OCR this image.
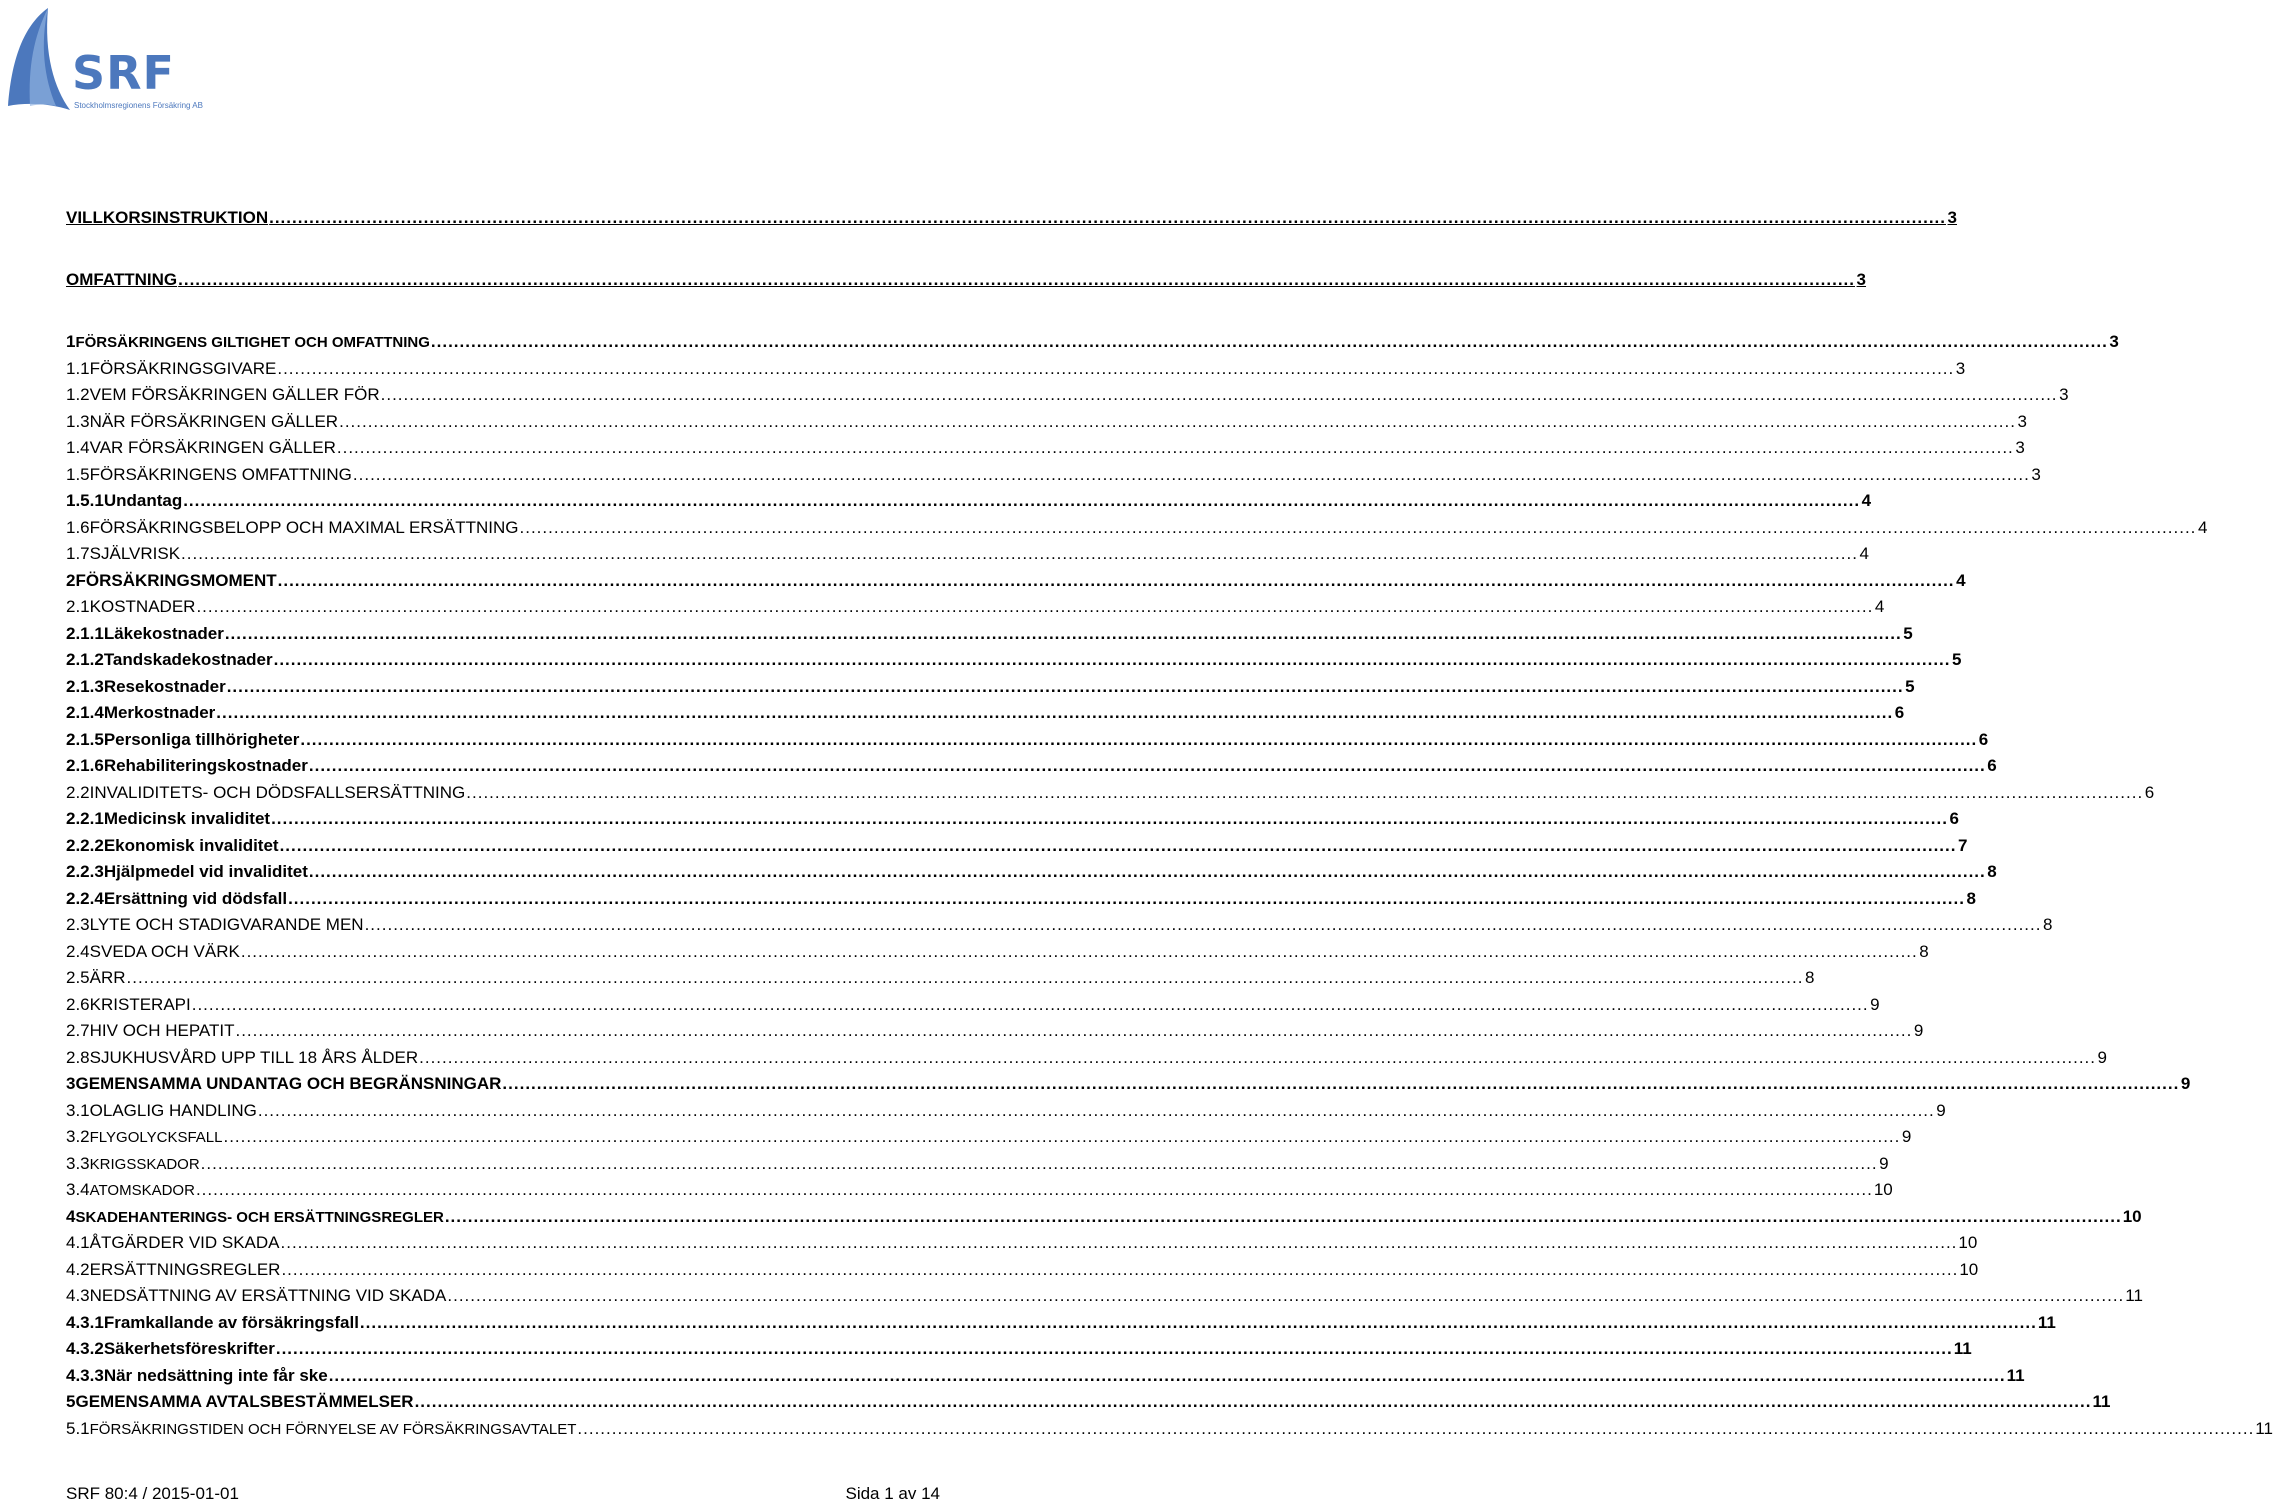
SRF
Stockholmsregionens Försäkring AB
VILLKORSINSTRUKTION .....	3
OMFATTNING .....	3
1 FÖRSÄKRINGENS GILTIGHET OCH OMFATTNING .....	3
1.1 FÖRSÄKRINGSGIVARE .....	3
1.2 VEM FÖRSÄKRINGEN GÄLLER FÖR .....	3
1.3 NÄR FÖRSÄKRINGEN GÄLLER .....	3
1.4 VAR FÖRSÄKRINGEN GÄLLER .....	3
1.5 FÖRSÄKRINGENS OMFATTNING .....	3
1.5.1 Undantag .....	4
1.6 FÖRSÄKRINGSBELOPP OCH MAXIMAL ERSÄTTNING .....	4
1.7 SJÄLVRISK .....	4
2 FÖRSÄKRINGSMOMENT .....	4
2.1 KOSTNADER .....	4
2.1.1 Läkekostnader .....	5
2.1.2 Tandskadekostnader .....	5
2.1.3 Resekostnader .....	5
2.1.4 Merkostnader .....	6
2.1.5 Personliga tillhörigheter .....	6
2.1.6 Rehabiliteringskostnader .....	6
2.2 INVALIDITETS- OCH DÖDSFALLSERSÄTTNING .....	6
2.2.1 Medicinsk invaliditet .....	6
2.2.2 Ekonomisk invaliditet .....	7
2.2.3 Hjälpmedel vid invaliditet .....	8
2.2.4 Ersättning vid dödsfall .....	8
2.3 LYTE OCH STADIGVARANDE MEN .....	8
2.4 SVEDA OCH VÄRK .....	8
2.5 ÄRR .....	8
2.6 KRISTERAPI .....	9
2.7 HIV OCH HEPATIT .....	9
2.8 SJUKHUSVÅRD UPP TILL 18 ÅRS ÅLDER .....	9
3 GEMENSAMMA UNDANTAG OCH BEGRÄNSNINGAR .....	9
3.1 OLAGLIG HANDLING .....	9
3.2 FLYGOLYCKSFALL .....	9
3.3 KRIGSSKADOR .....	9
3.4 ATOMSKADOR .....	10
4 SKADEHANTERINGS- OCH ERSÄTTNINGSREGLER .....	10
4.1 ÅTGÄRDER VID SKADA .....	10
4.2 ERSÄTTNINGSREGLER .....	10
4.3 NEDSÄTTNING AV ERSÄTTNING VID SKADA .....	11
4.3.1 Framkallande av försäkringsfall .....	11
4.3.2 Säkerhetsföreskrifter .....	11
4.3.3 När nedsättning inte får ske .....	11
5 GEMENSAMMA AVTALSBESTÄMMELSER .....	11
5.1 FÖRSÄKRINGSTIDEN OCH FÖRNYELSE AV FÖRSÄKRINGSAVTALET .....	11
SRF 80:4 / 2015-01-01	Sida 1 av 14
